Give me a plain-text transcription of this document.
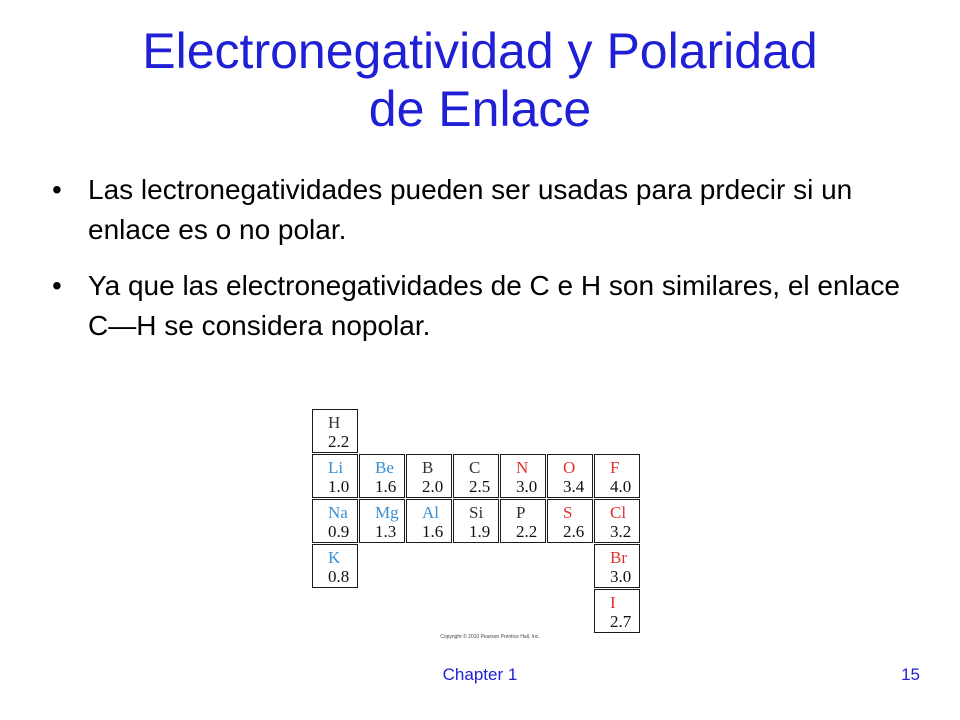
Electronegatividad y Polaridad
de Enlace
• Las lectronegatividades pueden ser usadas para prdecir si un enlace es o no polar.
• Ya que las electronegatividades de C e H son similares, el enlace C—H se considera nopolar.
H
2.2
Li
1.0
Be
1.6
B
2.0
C
2.5
N
3.0
O
3.4
F
4.0
Na
0.9
Mg
1.3
Al
1.6
Si
1.9
P
2.2
S
2.6
Cl
3.2
K
0.8
Br
3.0
I
2.7
Copyright © 2010 Pearson Prentice Hall, Inc.
Chapter 1	15
